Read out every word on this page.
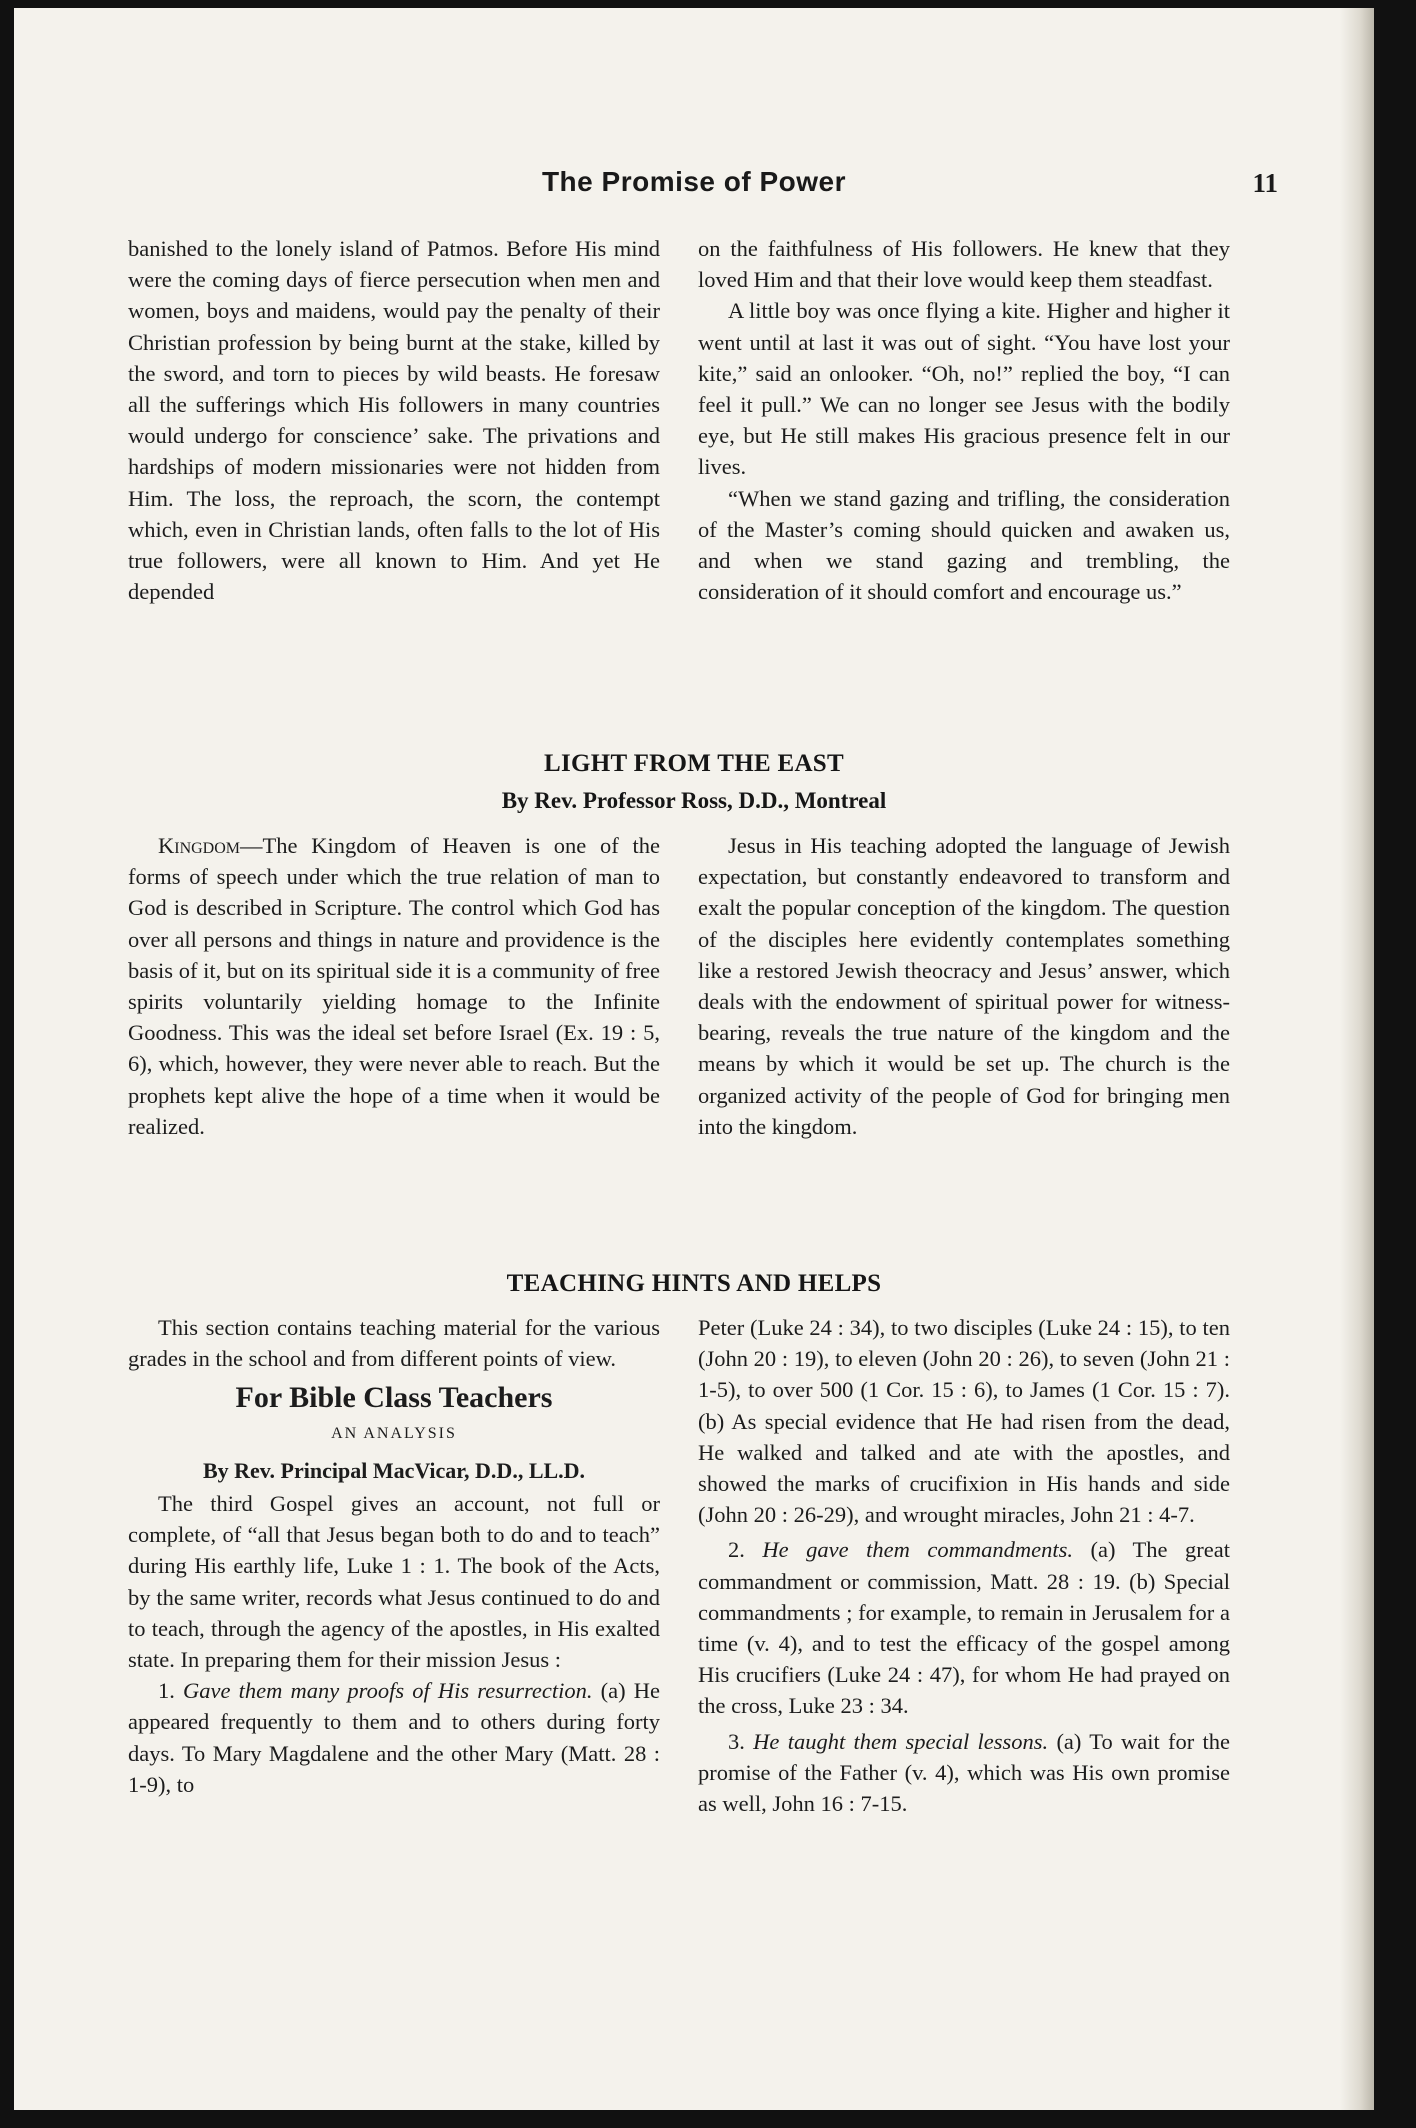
The Promise of Power	11

banished to the lonely island of Patmos. Before His mind were the coming days of fierce persecution when men and women, boys and maidens, would pay the penalty of their Christian profession by being burnt at the stake, killed by the sword, and torn to pieces by wild beasts. He foresaw all the sufferings which His followers in many countries would undergo for conscience’ sake. The privations and hardships of modern missionaries were not hidden from Him. The loss, the reproach, the scorn, the contempt which, even in Christian lands, often falls to the lot of His true followers, were all known to Him. And yet He depended

on the faithfulness of His followers. He knew that they loved Him and that their love would keep them steadfast.

A little boy was once flying a kite. Higher and higher it went until at last it was out of sight. “You have lost your kite,” said an onlooker. “Oh, no!” replied the boy, “I can feel it pull.” We can no longer see Jesus with the bodily eye, but He still makes His gracious presence felt in our lives.

“When we stand gazing and trifling, the consideration of the Master’s coming should quicken and awaken us, and when we stand gazing and trembling, the consideration of it should comfort and encourage us.”

LIGHT FROM THE EAST
By Rev. Professor Ross, D.D., Montreal

Kingdom—The Kingdom of Heaven is one of the forms of speech under which the true relation of man to God is described in Scripture. The control which God has over all persons and things in nature and providence is the basis of it, but on its spiritual side it is a community of free spirits voluntarily yielding homage to the Infinite Goodness. This was the ideal set before Israel (Ex. 19 : 5, 6), which, however, they were never able to reach. But the prophets kept alive the hope of a time when it would be realized.

Jesus in His teaching adopted the language of Jewish expectation, but constantly endeavored to transform and exalt the popular conception of the kingdom. The question of the disciples here evidently contemplates something like a restored Jewish theocracy and Jesus’ answer, which deals with the endowment of spiritual power for witness-bearing, reveals the true nature of the kingdom and the means by which it would be set up. The church is the organized activity of the people of God for bringing men into the kingdom.

TEACHING HINTS AND HELPS

This section contains teaching material for the various grades in the school and from different points of view.

For Bible Class Teachers
AN ANALYSIS
By Rev. Principal MacVicar, D.D., LL.D.

The third Gospel gives an account, not full or complete, of “all that Jesus began both to do and to teach” during His earthly life, Luke 1 : 1. The book of the Acts, by the same writer, records what Jesus continued to do and to teach, through the agency of the apostles, in His exalted state. In preparing them for their mission Jesus :

1. Gave them many proofs of His resurrection. (a) He appeared frequently to them and to others during forty days. To Mary Magdalene and the other Mary (Matt. 28 : 1-9), to

Peter (Luke 24 : 34), to two disciples (Luke 24 : 15), to ten (John 20 : 19), to eleven (John 20 : 26), to seven (John 21 : 1-5), to over 500 (1 Cor. 15 : 6), to James (1 Cor. 15 : 7). (b) As special evidence that He had risen from the dead, He walked and talked and ate with the apostles, and showed the marks of crucifixion in His hands and side (John 20 : 26-29), and wrought miracles, John 21 : 4-7.

2. He gave them commandments. (a) The great commandment or commission, Matt. 28 : 19. (b) Special commandments ; for example, to remain in Jerusalem for a time (v. 4), and to test the efficacy of the gospel among His crucifiers (Luke 24 : 47), for whom He had prayed on the cross, Luke 23 : 34.

3. He taught them special lessons. (a) To wait for the promise of the Father (v. 4), which was His own promise as well, John 16 : 7-15.
